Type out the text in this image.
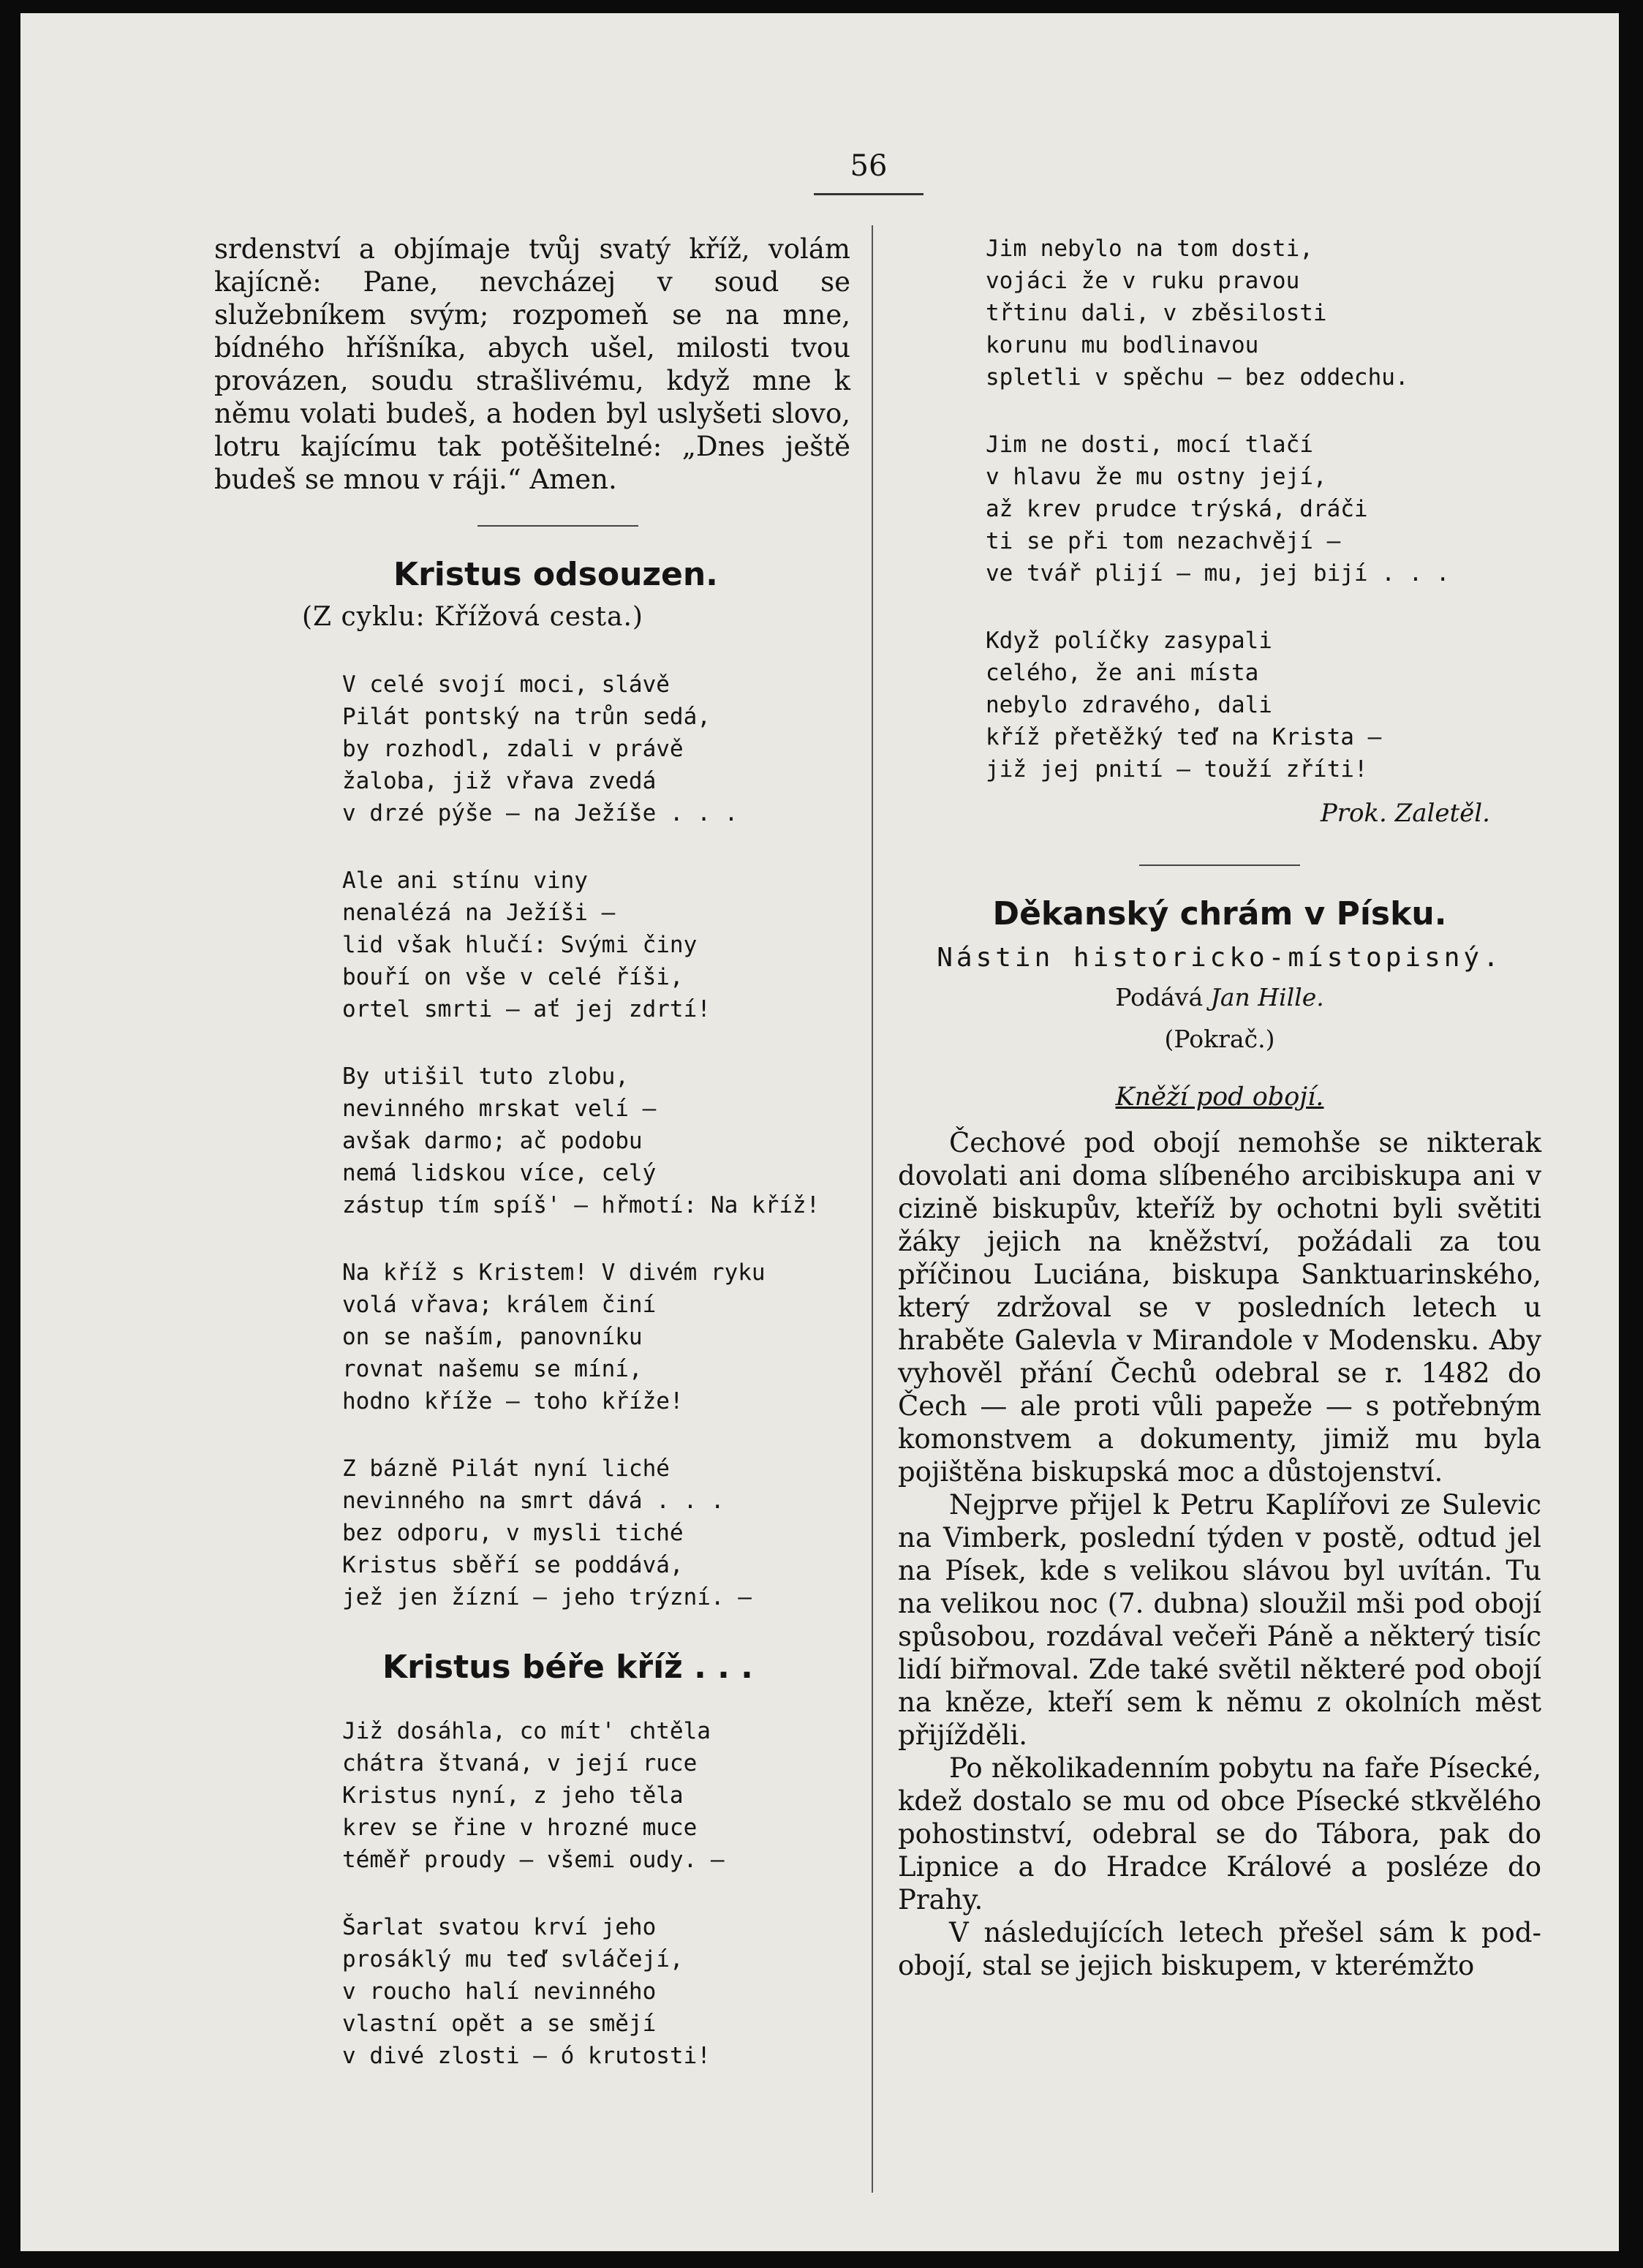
56

srdenství a objímaje tvůj svatý kříž, volám kajícně: Pane, nevcházej v soud se služebníkem svým; rozpomeň se na mne, bídného hříšníka, abych ušel, milosti tvou provázen, soudu strašlivému, když mne k němu volati budeš, a hoden byl uslyšeti slovo, lotru kajícímu tak potěšitelné: „Dnes ještě budeš se mnou v ráji.“ Amen.

Kristus odsouzen.
(Z cyklu: Křížová cesta.)
V celé svojí moci, slávě
Pilát pontský na trůn sedá,
by rozhodl, zdali v právě
žaloba, již vřava zvedá
v drzé pýše — na Ježíše . . .
Ale ani stínu viny
nenalézá na Ježíši —
lid však hlučí: Svými činy
bouří on vše v celé říši,
ortel smrti — ať jej zdrtí!
By utišil tuto zlobu,
nevinného mrskat velí —
avšak darmo; ač podobu
nemá lidskou více, celý
zástup tím spíš' — hřmotí: Na kříž!
Na kříž s Kristem! V divém ryku
volá vřava; králem činí
on se naším, panovníku
rovnat našemu se míní,
hodno kříže — toho kříže!
Z bázně Pilát nyní liché
nevinného na smrt dává . . .
bez odporu, v mysli tiché
Kristus sběří se poddává,
jež jen žízní — jeho trýzní. —
Kristus béře kříž . . .
Již dosáhla, co mít' chtěla
chátra štvaná, v její ruce
Kristus nyní, z jeho těla
krev se řine v hrozné muce
téměř proudy — všemi oudy. —
Šarlat svatou krví jeho
prosáklý mu teď svláčejí,
v roucho halí nevinného
vlastní opět a se smějí
v divé zlosti — ó krutosti!
Jim nebylo na tom dosti,
vojáci že v ruku pravou
třtinu dali, v zběsilosti
korunu mu bodlinavou
spletli v spěchu — bez oddechu.
Jim ne dosti, mocí tlačí
v hlavu že mu ostny její,
až krev prudce trýská, dráči
ti se při tom nezachvějí —
ve tvář plijí — mu, jej bijí . . .
Když políčky zasypali
celého, že ani místa
nebylo zdravého, dali
kříž přetěžký teď na Krista —
již jej pnití — touží zříti!
Prok. Zaletěl.
Děkanský chrám v Písku.
Nástin historicko-místopisný.
Podává Jan Hille.
(Pokrač.)
Kněží pod obojí.

Čechové pod obojí nemohše se nikterak dovolati ani doma slíbeného arcibiskupa ani v cizině biskupův, kteříž by ochotni byli světiti žáky jejich na kněžství, požádali za tou příčinou Luciána, biskupa Sanktuarinského, který zdržoval se v posledních letech u hraběte Galevla v Mirandole v Modensku. Aby vyhověl přání Čechů odebral se r. 1482 do Čech — ale proti vůli papeže — s potřebným komonstvem a dokumenty, jimiž mu byla pojištěna biskupská moc a důstojenství.

Nejprve přijel k Petru Kaplířovi ze Sulevic na Vimberk, poslední týden v postě, odtud jel na Písek, kde s velikou slávou byl uvítán. Tu na velikou noc (7. dubna) sloužil mši pod obojí spůsobou, rozdával večeři Páně a některý tisíc lidí biřmoval. Zde také světil některé pod obojí na kněze, kteří sem k němu z okolních měst přijížděli.

Po několikadenním pobytu na faře Písecké, kdež dostalo se mu od obce Písecké stkvělého pohostinství, odebral se do Tábora, pak do Lipnice a do Hradce Králové a posléze do Prahy.

V následujících letech přešel sám k pod-obojí, stal se jejich biskupem, v kterémžto
